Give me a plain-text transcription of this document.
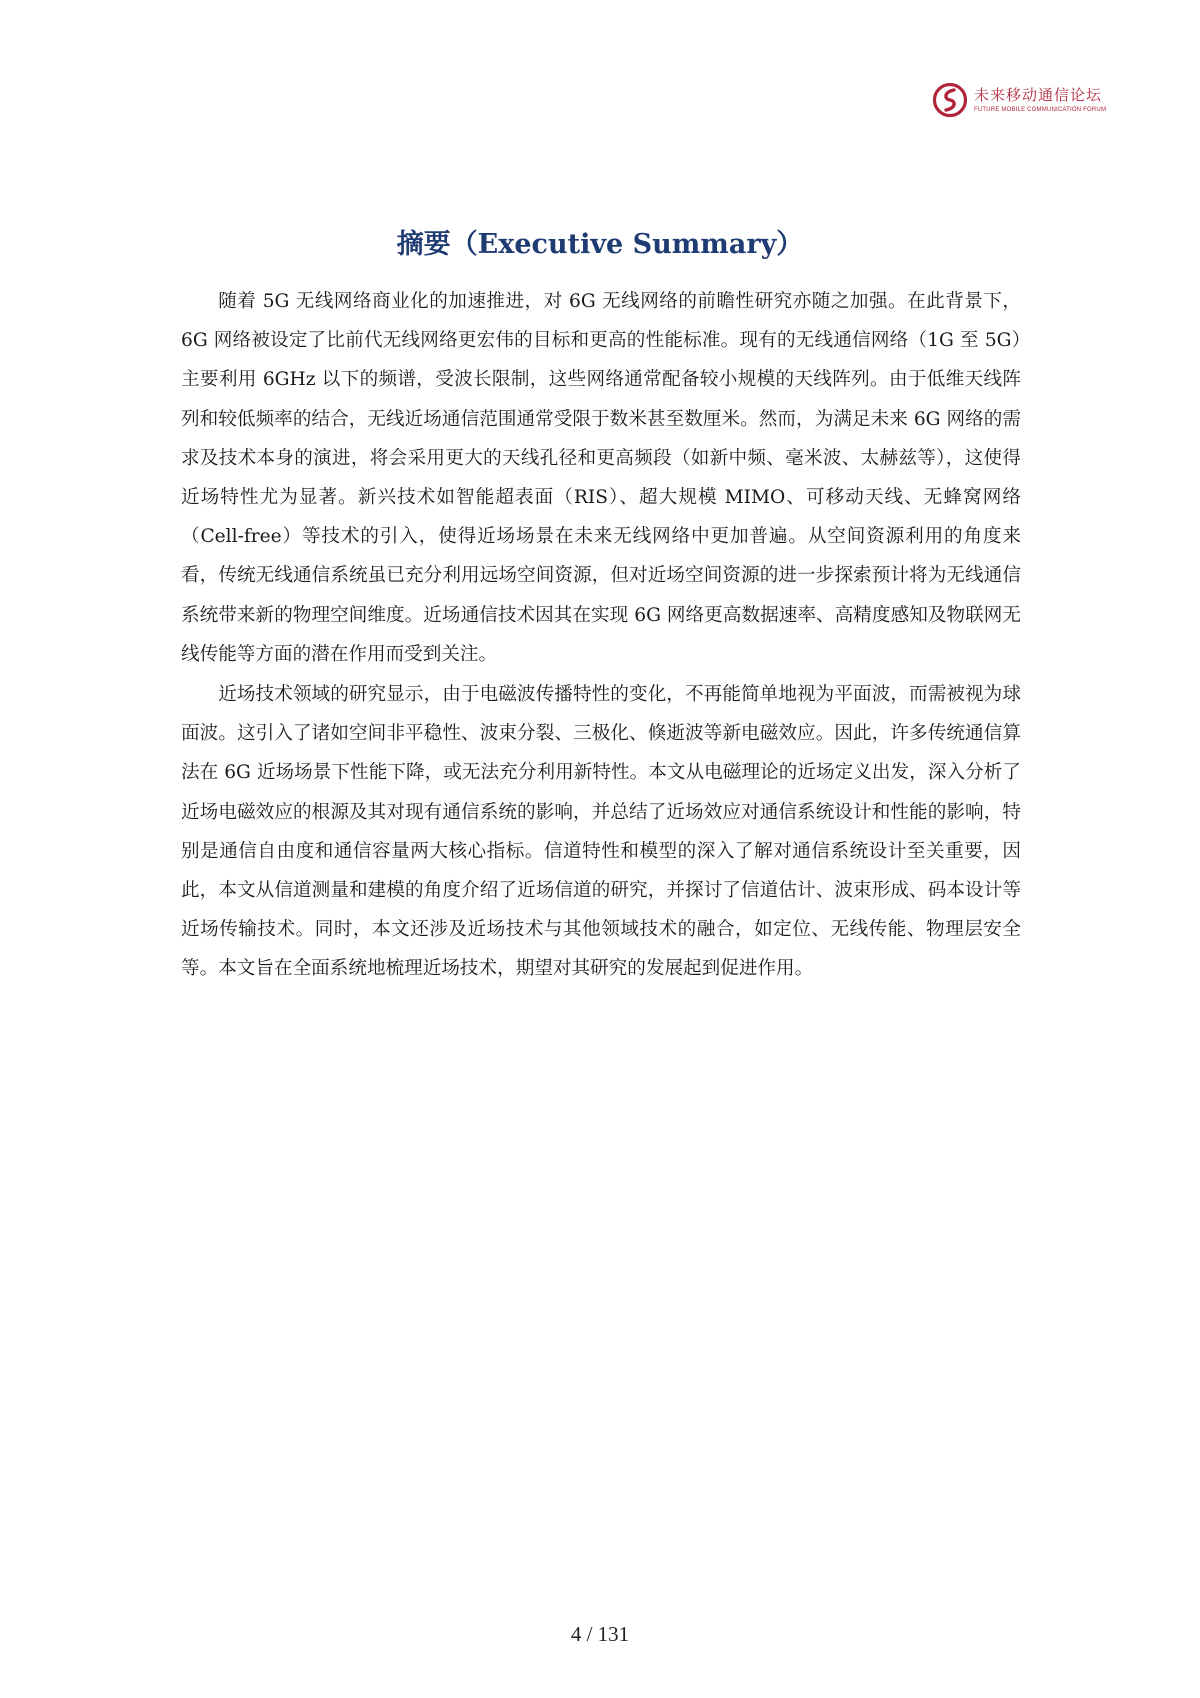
未来移动通信论坛
FUTURE MOBILE COMMUNICATION FORUM
摘要（Executive Summary）

随着 5G 无线网络商业化的加速推进，对 6G 无线网络的前瞻性研究亦随之加强。在此背景下，6G 网络被设定了比前代无线网络更宏伟的目标和更高的性能标准。现有的无线通信网络（1G 至 5G）主要利用 6GHz 以下的频谱，受波长限制，这些网络通常配备较小规模的天线阵列。由于低维天线阵列和较低频率的结合，无线近场通信范围通常受限于数米甚至数厘米。然而，为满足未来 6G 网络的需求及技术本身的演进，将会采用更大的天线孔径和更高频段（如新中频、毫米波、太赫兹等），这使得近场特性尤为显著。新兴技术如智能超表面（RIS）、超大规模 MIMO、可移动天线、无蜂窝网络（Cell-free）等技术的引入，使得近场场景在未来无线网络中更加普遍。从空间资源利用的角度来看，传统无线通信系统虽已充分利用远场空间资源，但对近场空间资源的进一步探索预计将为无线通信系统带来新的物理空间维度。近场通信技术因其在实现 6G 网络更高数据速率、高精度感知及物联网无线传能等方面的潜在作用而受到关注。

近场技术领域的研究显示，由于电磁波传播特性的变化，不再能简单地视为平面波，而需被视为球面波。这引入了诸如空间非平稳性、波束分裂、三极化、倏逝波等新电磁效应。因此，许多传统通信算法在 6G 近场场景下性能下降，或无法充分利用新特性。本文从电磁理论的近场定义出发，深入分析了近场电磁效应的根源及其对现有通信系统的影响，并总结了近场效应对通信系统设计和性能的影响，特别是通信自由度和通信容量两大核心指标。信道特性和模型的深入了解对通信系统设计至关重要，因此，本文从信道测量和建模的角度介绍了近场信道的研究，并探讨了信道估计、波束形成、码本设计等近场传输技术。同时，本文还涉及近场技术与其他领域技术的融合，如定位、无线传能、物理层安全等。本文旨在全面系统地梳理近场技术，期望对其研究的发展起到促进作用。

4 / 131
